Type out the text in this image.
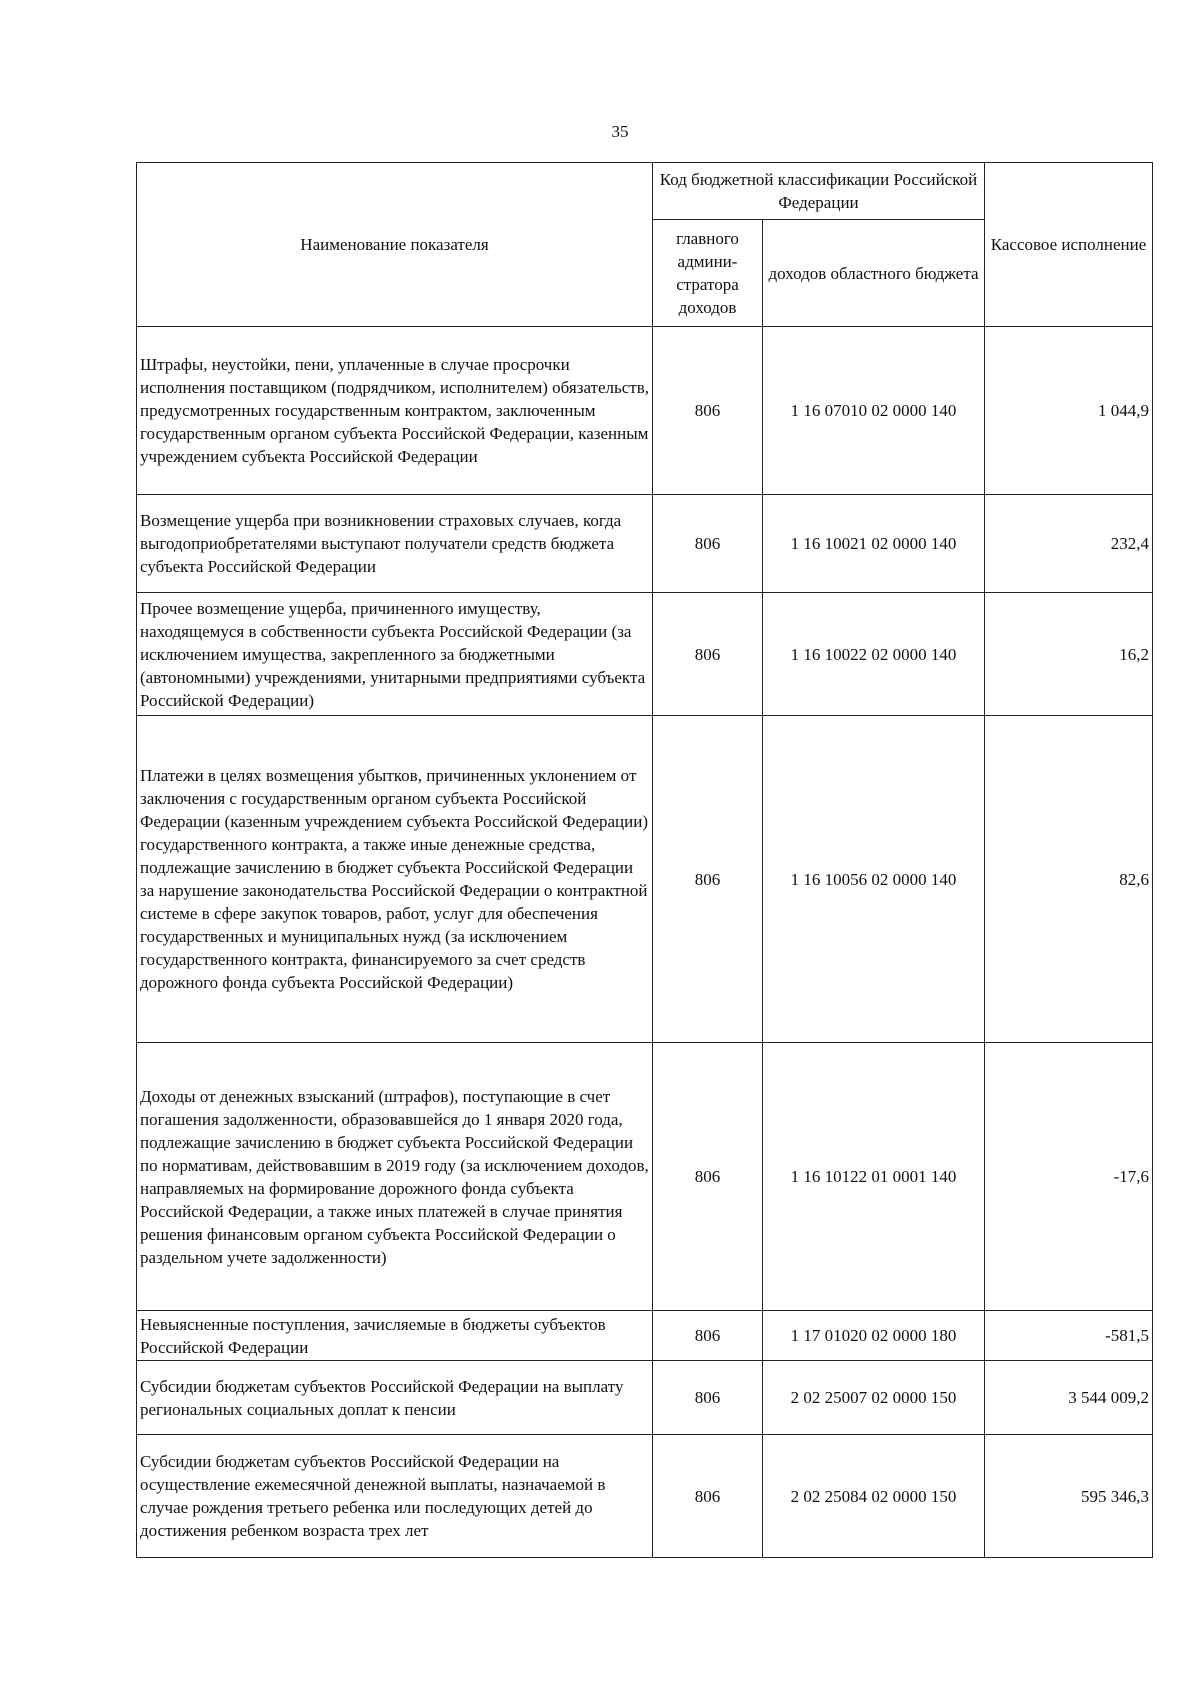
35
Наименование показателя	Код бюджетной классификации Российской Федерации		Кассовое исполнение
	главного админи- стратора доходов	доходов областного бюджета	
Штрафы, неустойки, пени, уплаченные в случае просрочки исполнения поставщиком (подрядчиком, исполнителем) обязательств, предусмотренных государственным контрактом, заключенным государственным органом субъекта Российской Федерации, казенным учреждением субъекта Российской Федерации	806	1 16 07010 02 0000 140	1 044,9
Возмещение ущерба при возникновении страховых случаев, когда выгодоприобретателями выступают получатели средств бюджета субъекта Российской Федерации	806	1 16 10021 02 0000 140	232,4
Прочее возмещение ущерба, причиненного имуществу, находящемуся в собственности субъекта Российской Федерации (за исключением имущества, закрепленного за бюджетными (автономными) учреждениями, унитарными предприятиями субъекта Российской Федерации)	806	1 16 10022 02 0000 140	16,2
Платежи в целях возмещения убытков, причиненных уклонением от заключения с государственным органом субъекта Российской Федерации (казенным учреждением субъекта Российской Федерации) государственного контракта, а также иные денежные средства, подлежащие зачислению в бюджет субъекта Российской Федерации за нарушение законодательства Российской Федерации о контрактной системе в сфере закупок товаров, работ, услуг для обеспечения государственных и муниципальных нужд (за исключением государственного контракта, финансируемого за счет средств дорожного фонда субъекта Российской Федерации)	806	1 16 10056 02 0000 140	82,6
Доходы от денежных взысканий (штрафов), поступающие в счет погашения задолженности, образовавшейся до 1 января 2020 года, подлежащие зачислению в бюджет субъекта Российской Федерации по нормативам, действовавшим в 2019 году (за исключением доходов, направляемых на формирование дорожного фонда субъекта Российской Федерации, а также иных платежей в случае принятия решения финансовым органом субъекта Российской Федерации о раздельном учете задолженности)	806	1 16 10122 01 0001 140	-17,6
Невыясненные поступления, зачисляемые в бюджеты субъектов Российской Федерации	806	1 17 01020 02 0000 180	-581,5
Субсидии бюджетам субъектов Российской Федерации на выплату региональных социальных доплат к пенсии	806	2 02 25007 02 0000 150	3 544 009,2
Субсидии бюджетам субъектов Российской Федерации на осуществление ежемесячной денежной выплаты, назначаемой в случае рождения третьего ребенка или последующих детей до достижения ребенком возраста трех лет	806	2 02 25084 02 0000 150	595 346,3
